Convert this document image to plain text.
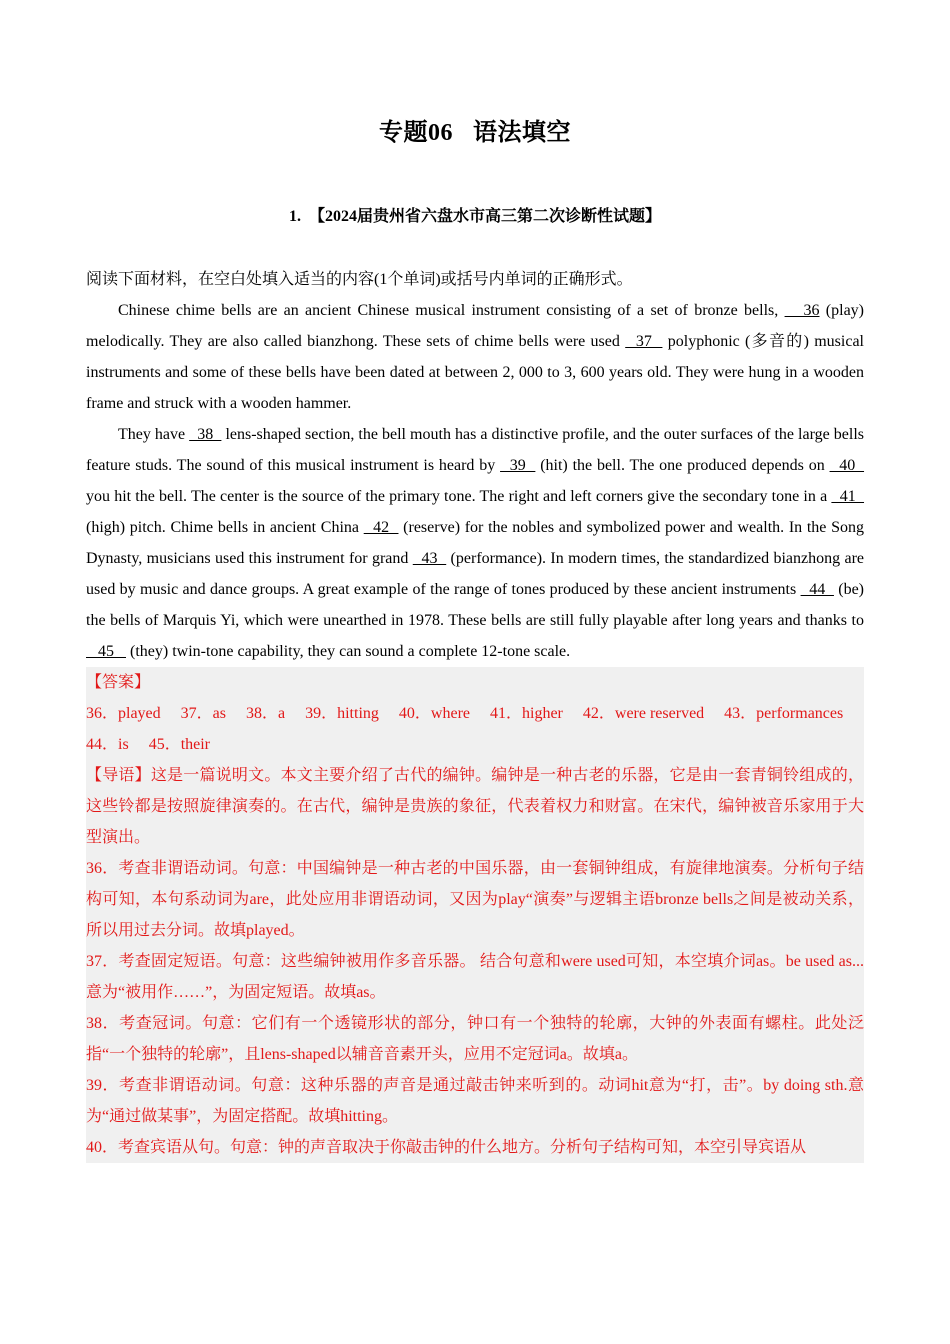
专题06 语法填空
1.　【2024届贵州省六盘水市高三第二次诊断性试题】

阅读下面材料，在空白处填入适当的内容(1个单词)或括号内单词的正确形式。

Chinese chime bells are an ancient Chinese musical instrument consisting of a set of bronze bells,    36 (play) melodically. They are also called bianzhong. These sets of chime bells were used   37   polyphonic (多音的) musical instruments and some of these bells have been dated at between 2, 000 to 3, 600 years old. They were hung in a wooden frame and struck with a wooden hammer.

They have   38   lens-shaped section, the bell mouth has a distinctive profile, and the outer surfaces of the large bells feature studs. The sound of this musical instrument is heard by   39   (hit) the bell. The one produced depends on   40   you hit the bell. The center is the source of the primary tone. The right and left corners give the secondary tone in a   41   (high) pitch. Chime bells in ancient China   42   (reserve) for the nobles and symbolized power and wealth. In the Song Dynasty, musicians used this instrument for grand   43   (performance). In modern times, the standardized bianzhong are used by music and dance groups. A great example of the range of tones produced by these ancient instruments   44   (be) the bells of Marquis Yi, which were unearthed in 1978. These bells are still fully playable after long years and thanks to    45    (they) twin-tone capability, they can sound a complete 12-tone scale.

【答案】

36．played 37．as 38．a 39．hitting 40．where 41．higher 42．were reserved 43．performances

44．is 45．their

【导语】这是一篇说明文。本文主要介绍了古代的编钟。编钟是一种古老的乐器，它是由一套青铜铃组成的，这些铃都是按照旋律演奏的。在古代，编钟是贵族的象征，代表着权力和财富。在宋代，编钟被音乐家用于大型演出。

36．考查非谓语动词。句意：中国编钟是一种古老的中国乐器，由一套铜钟组成，有旋律地演奏。分析句子结构可知，本句系动词为are，此处应用非谓语动词，又因为play“演奏”与逻辑主语bronze bells之间是被动关系，所以用过去分词。故填played。

37．考查固定短语。句意：这些编钟被用作多音乐器。 结合句意和were used可知，本空填介词as。be used as...意为“被用作……”，为固定短语。故填as。

38．考查冠词。句意：它们有一个透镜形状的部分，钟口有一个独特的轮廓，大钟的外表面有螺柱。此处泛指“一个独特的轮廓”，且lens-shaped以辅音音素开头，应用不定冠词a。故填a。

39．考查非谓语动词。句意：这种乐器的声音是通过敲击钟来听到的。动词hit意为“打，击”。by doing sth.意为“通过做某事”，为固定搭配。故填hitting。

40．考查宾语从句。句意：钟的声音取决于你敲击钟的什么地方。分析句子结构可知，本空引导宾语从
